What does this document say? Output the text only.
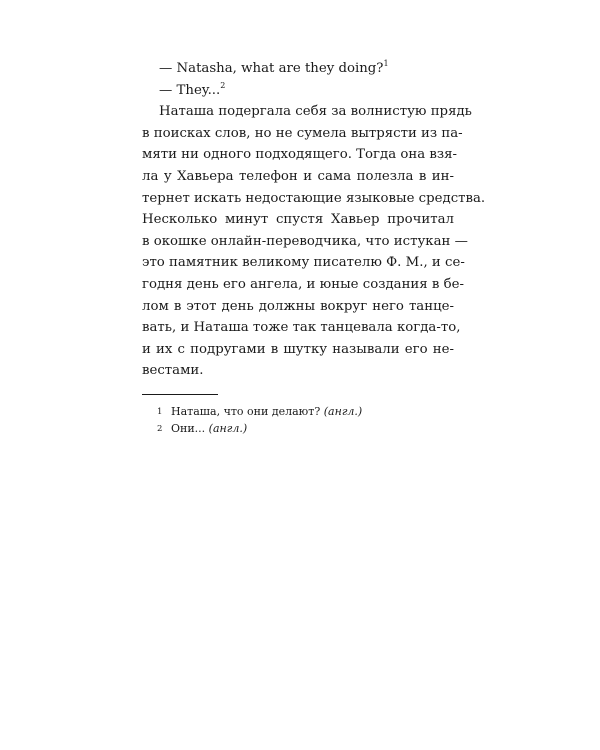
— Natasha, what are they doing?$^1$
— They...$^2$
Наташа подергала себя за волнистую прядь
в поисках слов, но не сумела вытрясти из па-
мяти ни одного подходящего. Тогда она взя-
ла у Хавьера телефон и сама полезла в ин-
тернет искать недостающие языковые средства.
Несколько минут спустя Хавьер прочитал
в окошке онлайн-переводчика, что истукан —
это памятник великому писателю Ф. М., и се-
годня день его ангела, и юные создания в бе-
лом в этот день должны вокруг него танце-
вать, и Наташа тоже так танцевала когда-то,
и их с подругами в шутку называли его не-
вестами.
1 Наташа, что они делают? (англ.)
2 Они... (англ.)
